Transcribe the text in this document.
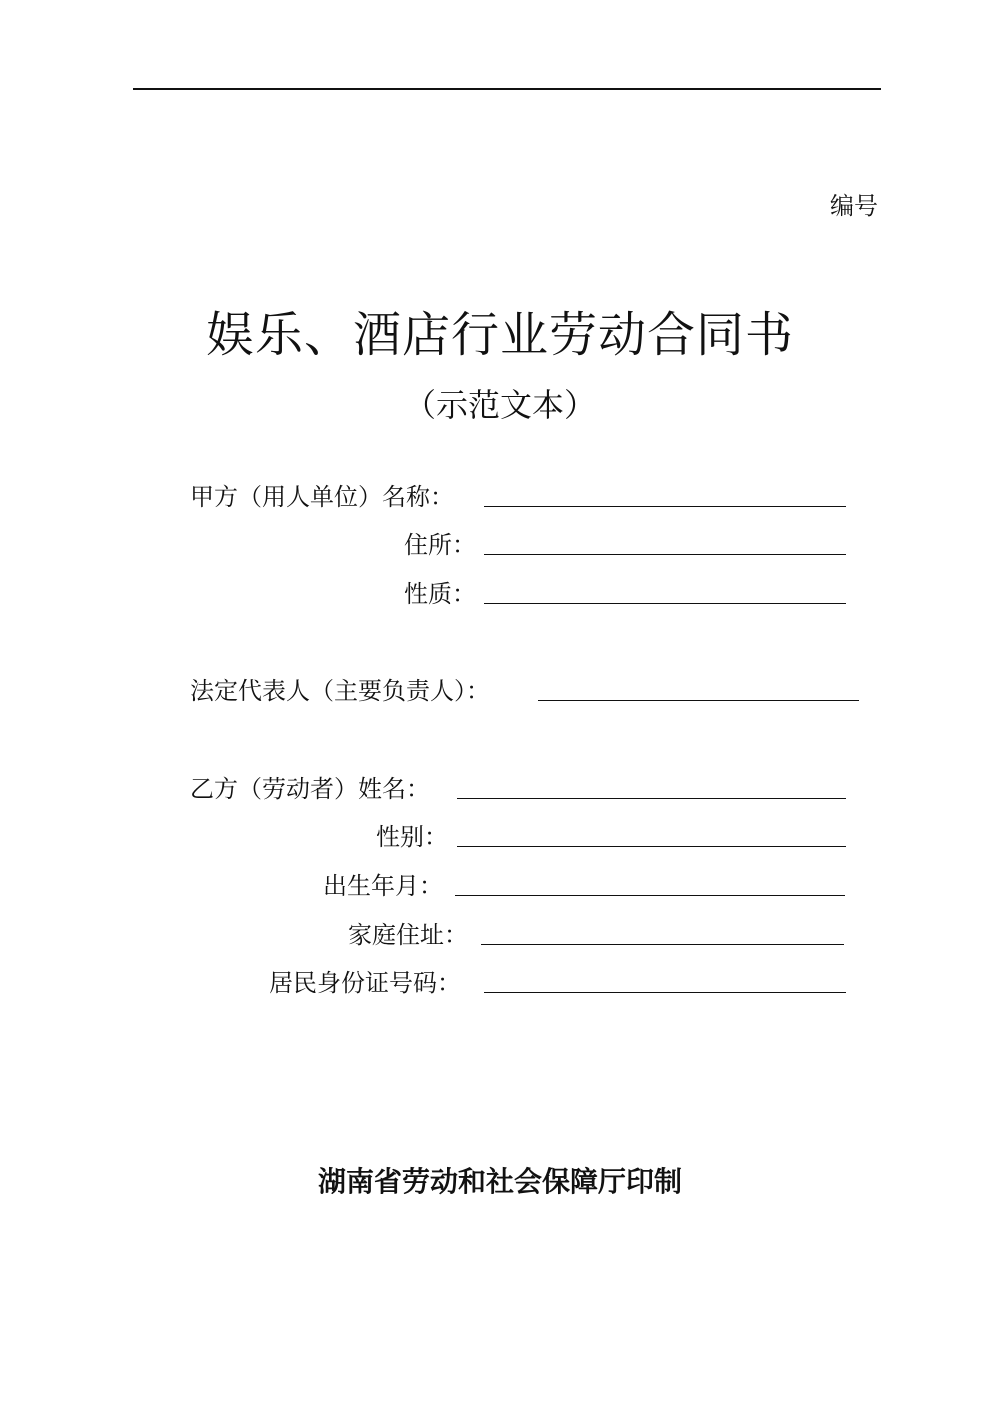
编号
娱乐、酒店行业劳动合同书
（示范文本）
甲方（用人单位）名称：
住所：
性质：
法定代表人（主要负责人）：
乙方（劳动者）姓名：
性别：
出生年月：
家庭住址：
居民身份证号码：
湖南省劳动和社会保障厅印制
